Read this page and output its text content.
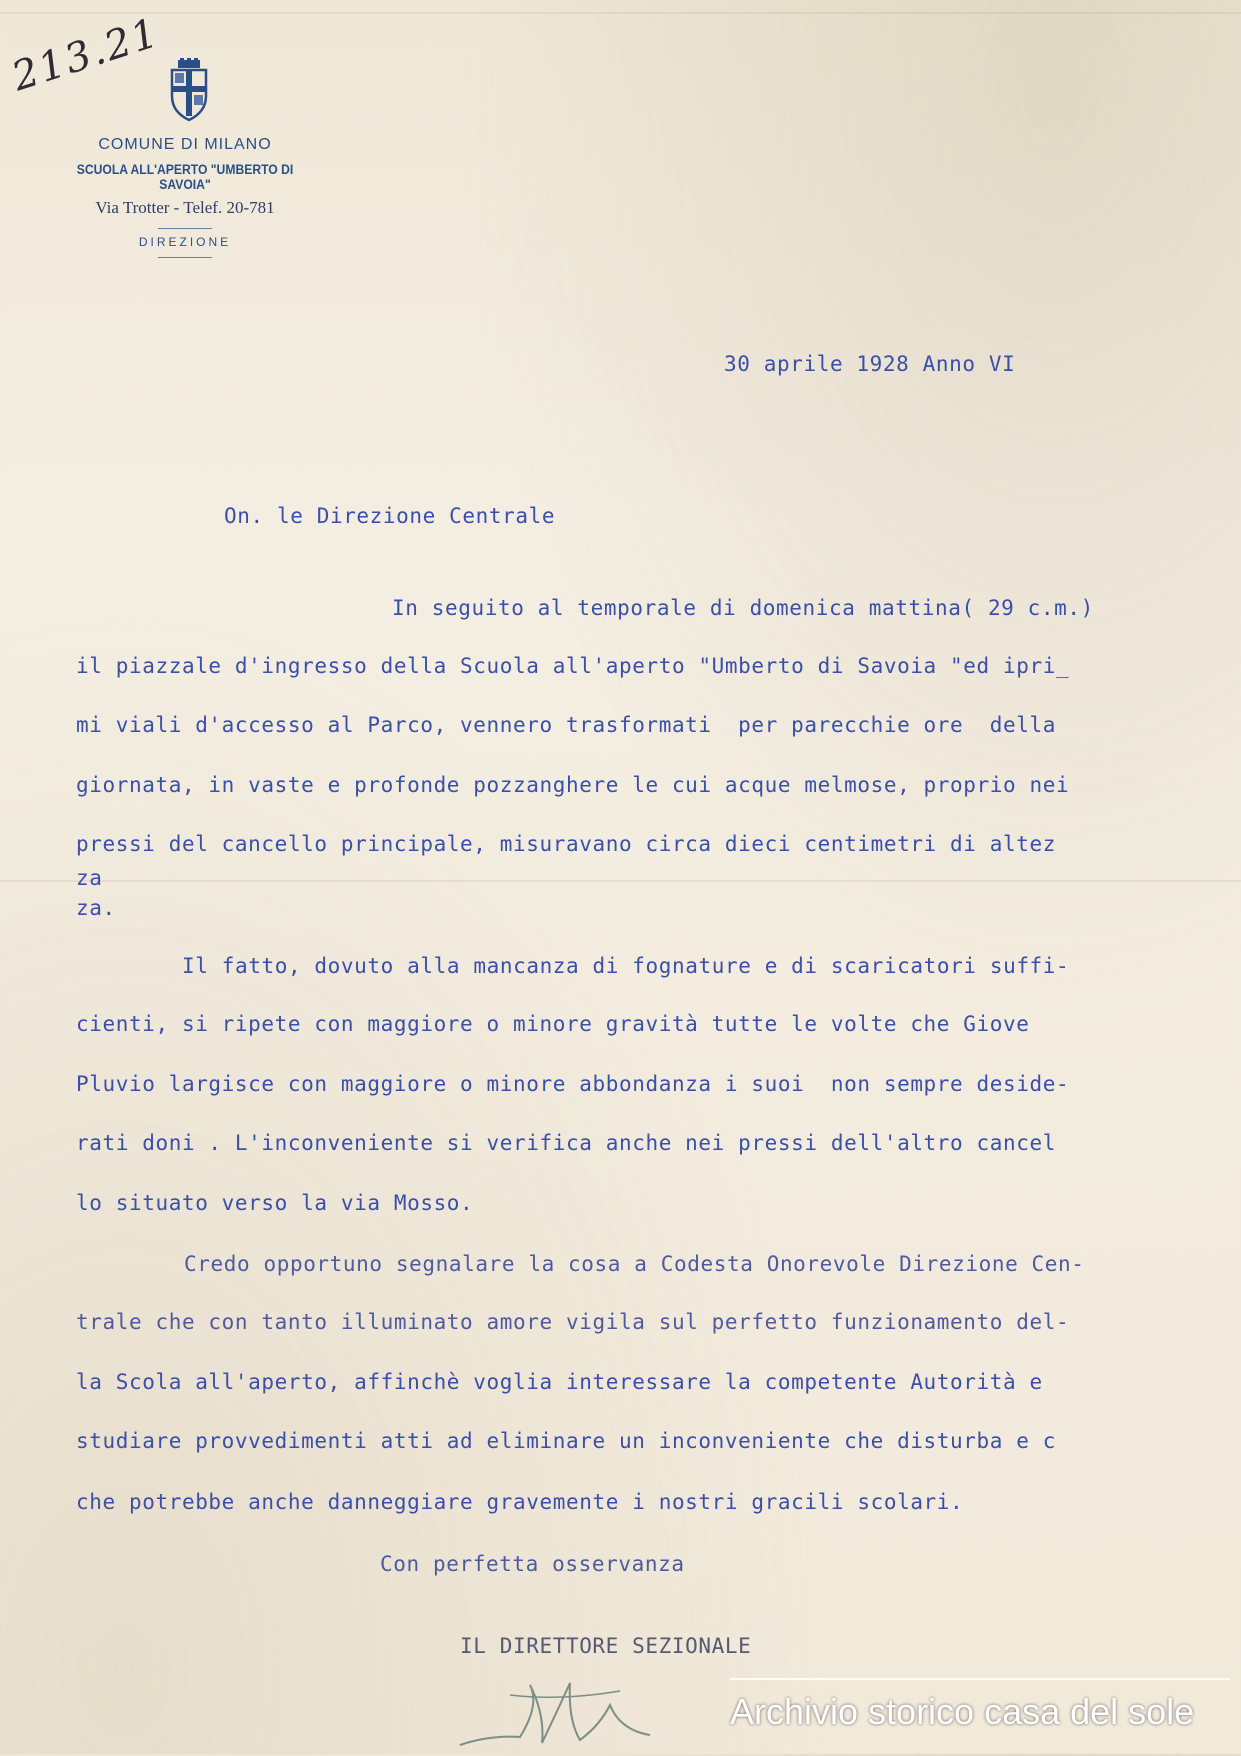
213.21
COMUNE DI MILANO
SCUOLA ALL'APERTO "UMBERTO DI SAVOIA"
Via Trotter - Telef. 20-781
DIREZIONE
30 aprile 1928 Anno VI
On. le Direzione Centrale
In seguito al temporale di domenica mattina( 29 c.m.)
il piazzale d'ingresso della Scuola all'aperto "Umberto di Savoia "ed ipri_
mi viali d'accesso al Parco, vennero trasformati  per parecchie ore  della
giornata, in vaste e profonde pozzanghere le cui acque melmose, proprio nei
pressi del cancello principale, misuravano circa dieci centimetri di altez
za
za.
Il fatto, dovuto alla mancanza di fognature e di scaricatori suffi-
cienti, si ripete con maggiore o minore gravità tutte le volte che Giove
Pluvio largisce con maggiore o minore abbondanza i suoi  non sempre deside-
rati doni . L'inconveniente si verifica anche nei pressi dell'altro cancel
lo situato verso la via Mosso.
Credo opportuno segnalare la cosa a Codesta Onorevole Direzione Cen-
trale che con tanto illuminato amore vigila sul perfetto funzionamento del-
la Scola all'aperto, affinchè voglia interessare la competente Autorità e
studiare provvedimenti atti ad eliminare un inconveniente che disturba e c
che potrebbe anche danneggiare gravemente i nostri gracili scolari.
Con perfetta osservanza
IL DIRETTORE SEZIONALE
Archivio storico casa del sole
